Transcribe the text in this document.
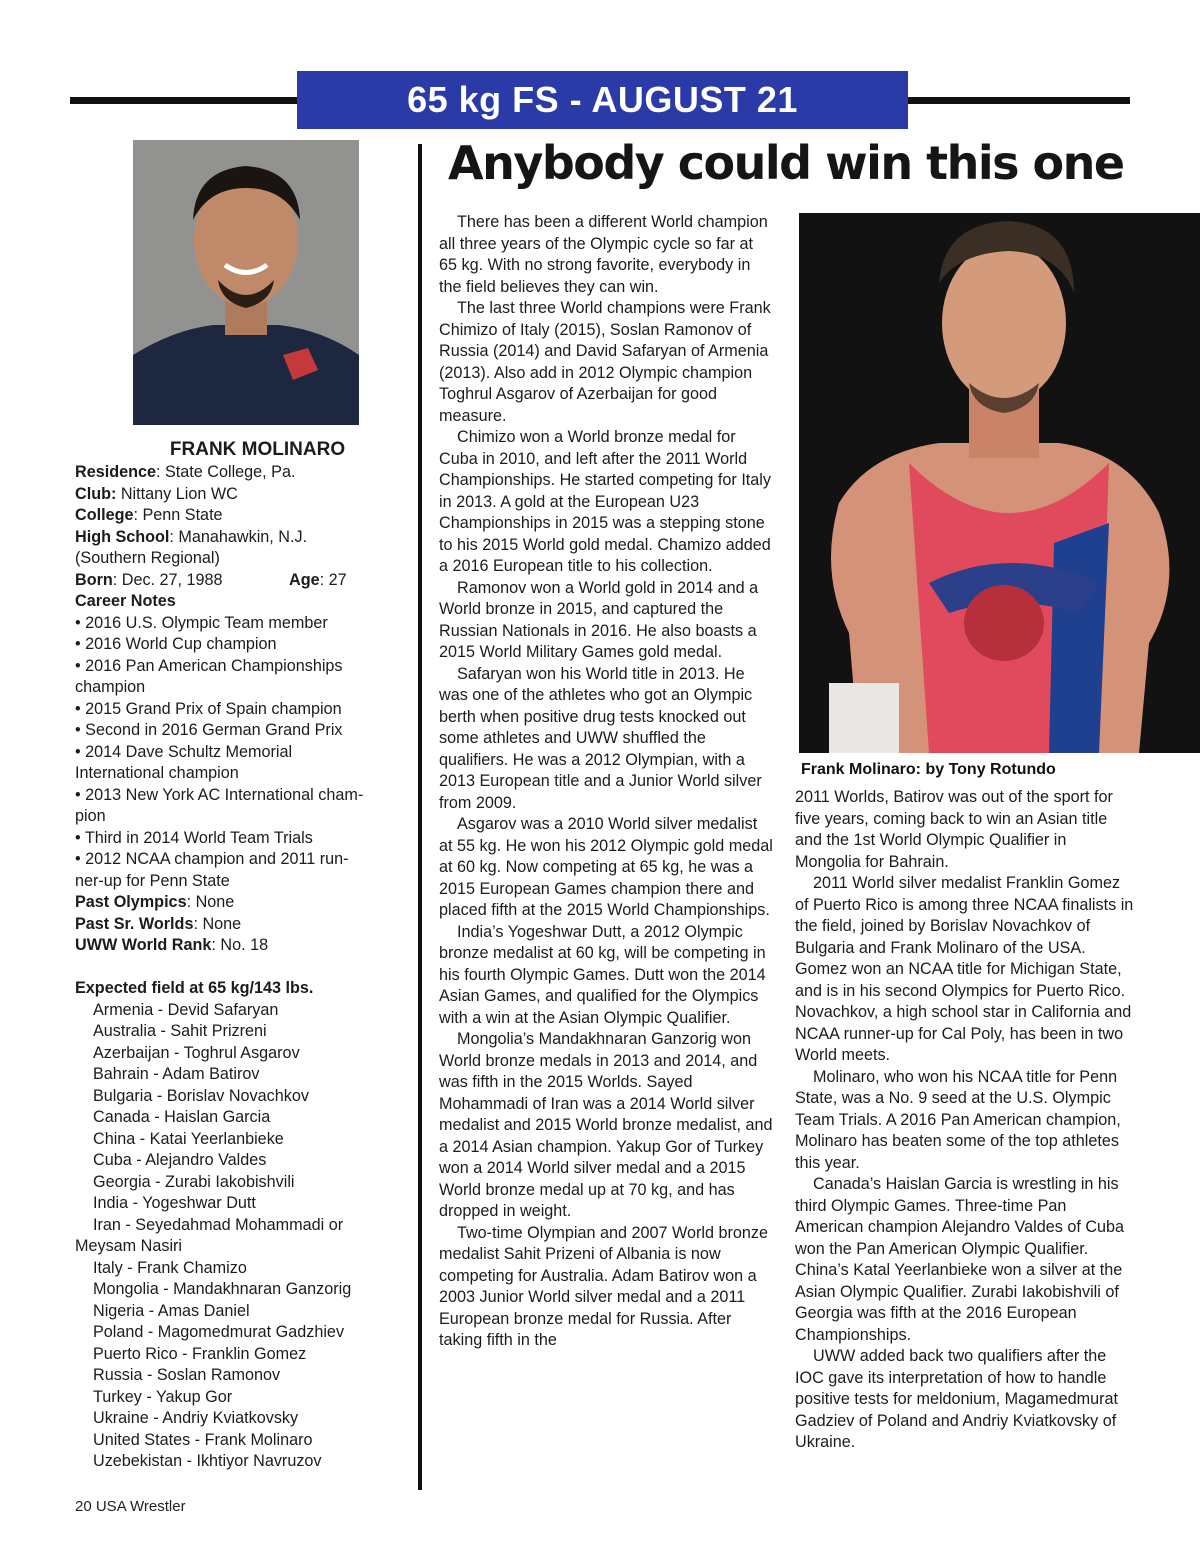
65 kg FS - AUGUST 21
Anybody could win this one
Frank Molinaro: by Tony Rotundo
FRANK MOLINARO
Residence: State College, Pa.
Club: Nittany Lion WC
College: Penn State
High School: Manahawkin, N.J.
(Southern Regional)
Born: Dec. 27, 1988	Age: 27
Career Notes
• 2016 U.S. Olympic Team member
• 2016 World Cup champion
• 2016 Pan American Championships
champion
• 2015 Grand Prix of Spain champion
• Second in 2016 German Grand Prix
• 2014 Dave Schultz Memorial
International champion
• 2013 New York AC International cham-
pion
• Third in 2014 World Team Trials
• 2012 NCAA champion and 2011 run-
ner-up for Penn State
Past Olympics: None
Past Sr. Worlds: None
UWW World Rank: No. 18
Expected field at 65 kg/143 lbs.
Armenia - Devid Safaryan
Australia - Sahit Prizreni
Azerbaijan - Toghrul Asgarov
Bahrain - Adam Batirov
Bulgaria - Borislav Novachkov
Canada - Haislan Garcia
China - Katai Yeerlanbieke
Cuba - Alejandro Valdes
Georgia - Zurabi Iakobishvili
India - Yogeshwar Dutt
Iran - Seyedahmad Mohammadi or
Meysam Nasiri
Italy - Frank Chamizo
Mongolia - Mandakhnaran Ganzorig
Nigeria - Amas Daniel
Poland - Magomedmurat Gadzhiev
Puerto Rico - Franklin Gomez
Russia - Soslan Ramonov
Turkey - Yakup Gor
Ukraine - Andriy Kviatkovsky
United States - Frank Molinaro
Uzebekistan - Ikhtiyor Navruzov

There has been a different World champion all three years of the Olympic cycle so far at 65 kg. With no strong favorite, everybody in the field believes they can win.

The last three World champions were Frank Chimizo of Italy (2015), Soslan Ramonov of Russia (2014) and David Safaryan of Armenia (2013). Also add in 2012 Olympic champion Toghrul Asgarov of Azerbaijan for good measure.

Chimizo won a World bronze medal for Cuba in 2010, and left after the 2011 World Championships. He started competing for Italy in 2013. A gold at the European U23 Championships in 2015 was a stepping stone to his 2015 World gold medal. Chamizo added a 2016 European title to his collection.

Ramonov won a World gold in 2014 and a World bronze in 2015, and captured the Russian Nationals in 2016. He also boasts a 2015 World Military Games gold medal.

Safaryan won his World title in 2013. He was one of the athletes who got an Olympic berth when positive drug tests knocked out some athletes and UWW shuffled the qualifiers. He was a 2012 Olympian, with a 2013 European title and a Junior World silver from 2009.

Asgarov was a 2010 World silver medalist at 55 kg. He won his 2012 Olympic gold medal at 60 kg. Now competing at 65 kg, he was a 2015 European Games champion there and placed fifth at the 2015 World Championships.

India’s Yogeshwar Dutt, a 2012 Olympic bronze medalist at 60 kg, will be competing in his fourth Olympic Games. Dutt won the 2014 Asian Games, and qualified for the Olympics with a win at the Asian Olympic Qualifier.

Mongolia’s Mandakhnaran Ganzorig won World bronze medals in 2013 and 2014, and was fifth in the 2015 Worlds. Sayed Mohammadi of Iran was a 2014 World silver medalist and 2015 World bronze medalist, and a 2014 Asian champion. Yakup Gor of Turkey won a 2014 World silver medal and a 2015 World bronze medal up at 70 kg, and has dropped in weight.

Two-time Olympian and 2007 World bronze medalist Sahit Prizeni of Albania is now competing for Australia. Adam Batirov won a 2003 Junior World silver medal and a 2011 European bronze medal for Russia. After taking fifth in the

2011 Worlds, Batirov was out of the sport for five years, coming back to win an Asian title and the 1st World Olympic Qualifier in Mongolia for Bahrain.

2011 World silver medalist Franklin Gomez of Puerto Rico is among three NCAA finalists in the field, joined by Borislav Novachkov of Bulgaria and Frank Molinaro of the USA. Gomez won an NCAA title for Michigan State, and is in his second Olympics for Puerto Rico. Novachkov, a high school star in California and NCAA runner-up for Cal Poly, has been in two World meets.

Molinaro, who won his NCAA title for Penn State, was a No. 9 seed at the U.S. Olympic Team Trials. A 2016 Pan American champion, Molinaro has beaten some of the top athletes this year.

Canada’s Haislan Garcia is wrestling in his third Olympic Games. Three-time Pan American champion Alejandro Valdes of Cuba won the Pan American Olympic Qualifier. China’s Katal Yeerlanbieke won a silver at the Asian Olympic Qualifier. Zurabi Iakobishvili of Georgia was fifth at the 2016 European Championships.

UWW added back two qualifiers after the IOC gave its interpretation of how to handle positive tests for meldonium, Magamedmurat Gadziev of Poland and Andriy Kviatkovsky of Ukraine.

20 USA Wrestler
